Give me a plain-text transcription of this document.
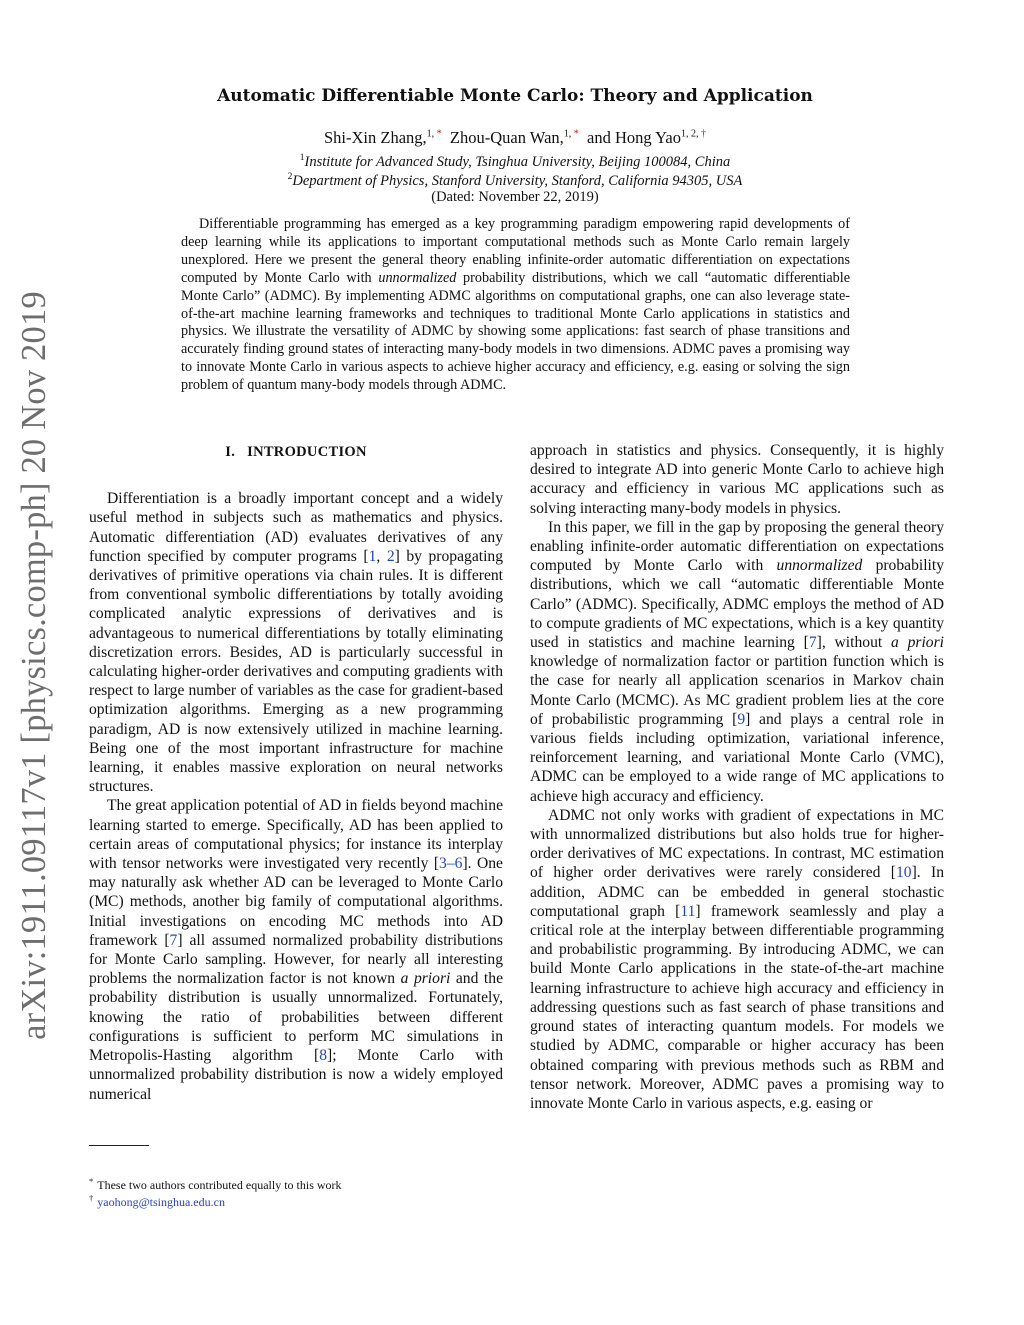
arXiv:1911.09117v1 [physics.comp-ph] 20 Nov 2019
Automatic Differentiable Monte Carlo: Theory and Application
Shi-Xin Zhang,$^{1, *}$ Zhou-Quan Wan,$^{1, *}$ and Hong Yao$^{1, 2, \dagger}$
$^1$Institute for Advanced Study, Tsinghua University, Beijing 100084, China
$^2$Department of Physics, Stanford University, Stanford, California 94305, USA
(Dated: November 22, 2019)

Differentiable programming has emerged as a key programming paradigm empowering rapid developments of deep learning while its applications to important computational methods such as Monte Carlo remain largely unexplored. Here we present the general theory enabling infinite-order automatic differentiation on expectations computed by Monte Carlo with unnormalized probability distributions, which we call “automatic differentiable Monte Carlo” (ADMC). By implementing ADMC algorithms on computational graphs, one can also leverage state-of-the-art machine learning frameworks and techniques to traditional Monte Carlo applications in statistics and physics. We illustrate the versatility of ADMC by showing some applications: fast search of phase transitions and accurately finding ground states of interacting many-body models in two dimensions. ADMC paves a promising way to innovate Monte Carlo in various aspects to achieve higher accuracy and efficiency, e.g. easing or solving the sign problem of quantum many-body models through ADMC.

I. INTRODUCTION

Differentiation is a broadly important concept and a widely useful method in subjects such as mathematics and physics. Automatic differentiation (AD) evaluates derivatives of any function specified by computer programs [1, 2] by propagating derivatives of primitive operations via chain rules. It is different from conventional symbolic differentiations by totally avoiding complicated analytic expressions of derivatives and is advantageous to numerical differentiations by totally eliminating discretization errors. Besides, AD is particularly successful in calculating higher-order derivatives and computing gradients with respect to large number of variables as the case for gradient-based optimization algorithms. Emerging as a new programming paradigm, AD is now extensively utilized in machine learning. Being one of the most important infrastructure for machine learning, it enables massive exploration on neural networks structures.

The great application potential of AD in fields beyond machine learning started to emerge. Specifically, AD has been applied to certain areas of computational physics; for instance its interplay with tensor networks were investigated very recently [3–6]. One may naturally ask whether AD can be leveraged to Monte Carlo (MC) methods, another big family of computational algorithms. Initial investigations on encoding MC methods into AD framework [7] all assumed normalized probability distributions for Monte Carlo sampling. However, for nearly all interesting problems the normalization factor is not known a priori and the probability distribution is usually unnormalized. Fortunately, knowing the ratio of probabilities between different configurations is sufficient to perform MC simulations in Metropolis-Hasting algorithm [8]; Monte Carlo with unnormalized probability distribution is now a widely employed numerical

approach in statistics and physics. Consequently, it is highly desired to integrate AD into generic Monte Carlo to achieve high accuracy and efficiency in various MC applications such as solving interacting many-body models in physics.

In this paper, we fill in the gap by proposing the general theory enabling infinite-order automatic differentiation on expectations computed by Monte Carlo with unnormalized probability distributions, which we call “automatic differentiable Monte Carlo” (ADMC). Specifically, ADMC employs the method of AD to compute gradients of MC expectations, which is a key quantity used in statistics and machine learning [7], without a priori knowledge of normalization factor or partition function which is the case for nearly all application scenarios in Markov chain Monte Carlo (MCMC). As MC gradient problem lies at the core of probabilistic programming [9] and plays a central role in various fields including optimization, variational inference, reinforcement learning, and variational Monte Carlo (VMC), ADMC can be employed to a wide range of MC applications to achieve high accuracy and efficiency.

ADMC not only works with gradient of expectations in MC with unnormalized distributions but also holds true for higher-order derivatives of MC expectations. In contrast, MC estimation of higher order derivatives were rarely considered [10]. In addition, ADMC can be embedded in general stochastic computational graph [11] framework seamlessly and play a critical role at the interplay between differentiable programming and probabilistic programming. By introducing ADMC, we can build Monte Carlo applications in the state-of-the-art machine learning infrastructure to achieve high accuracy and efficiency in addressing questions such as fast search of phase transitions and ground states of interacting quantum models. For models we studied by ADMC, comparable or higher accuracy has been obtained comparing with previous methods such as RBM and tensor network. Moreover, ADMC paves a promising way to innovate Monte Carlo in various aspects, e.g. easing or

* These two authors contributed equally to this work
† yaohong@tsinghua.edu.cn
